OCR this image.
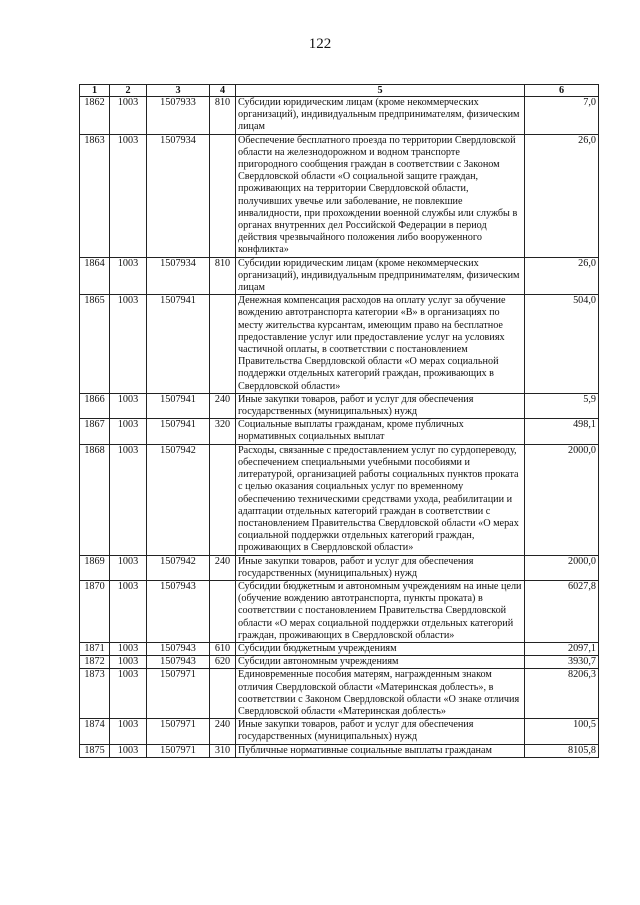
122
1	2	3	4	5	6
1862	1003	1507933	810	Субсидии юридическим лицам (кроме некоммерческих организаций), индивидуальным предпринимателям, физическим лицам	7,0
1863	1003	1507934		Обеспечение бесплатного проезда по территории Свердловской области на железнодорожном и водном транспорте пригородного сообщения граждан в соответствии с Законом Свердловской области «О социальной защите граждан, проживающих на территории Свердловской области, получивших увечье или заболевание, не повлекшие инвалидности, при прохождении военной службы или службы в органах внутренних дел Российской Федерации в период действия чрезвычайного положения либо вооруженного конфликта»	26,0
1864	1003	1507934	810	Субсидии юридическим лицам (кроме некоммерческих организаций), индивидуальным предпринимателям, физическим лицам	26,0
1865	1003	1507941		Денежная компенсация расходов на оплату услуг за обучение вождению автотранспорта категории «В» в организациях по месту жительства курсантам, имеющим право на бесплатное предоставление услуг или предоставление услуг на условиях частичной оплаты, в соответствии с постановлением Правительства Свердловской области «О мерах социальной поддержки отдельных категорий граждан, проживающих в Свердловской области»	504,0
1866	1003	1507941	240	Иные закупки товаров, работ и услуг для обеспечения государственных (муниципальных) нужд	5,9
1867	1003	1507941	320	Социальные выплаты гражданам, кроме публичных нормативных социальных выплат	498,1
1868	1003	1507942		Расходы, связанные с предоставлением услуг по сурдопереводу, обеспечением специальными учебными пособиями и литературой, организацией работы социальных пунктов проката с целью оказания социальных услуг по временному обеспечению техническими средствами ухода, реабилитации и адаптации отдельных категорий граждан в соответствии с постановлением Правительства Свердловской области «О мерах социальной поддержки отдельных категорий граждан, проживающих в Свердловской области»	2000,0
1869	1003	1507942	240	Иные закупки товаров, работ и услуг для обеспечения государственных (муниципальных) нужд	2000,0
1870	1003	1507943		Субсидии бюджетным и автономным учреждениям на иные цели (обучение вождению автотранспорта, пункты проката) в соответствии с постановлением Правительства Свердловской области «О мерах социальной поддержки отдельных категорий граждан, проживающих в Свердловской области»	6027,8
1871	1003	1507943	610	Субсидии бюджетным учреждениям	2097,1
1872	1003	1507943	620	Субсидии автономным учреждениям	3930,7
1873	1003	1507971		Единовременные пособия матерям, награжденным знаком отличия Свердловской области «Материнская доблесть», в соответствии с Законом Свердловской области «О знаке отличия Свердловской области «Материнская доблесть»	8206,3
1874	1003	1507971	240	Иные закупки товаров, работ и услуг для обеспечения государственных (муниципальных) нужд	100,5
1875	1003	1507971	310	Публичные нормативные социальные выплаты гражданам	8105,8
